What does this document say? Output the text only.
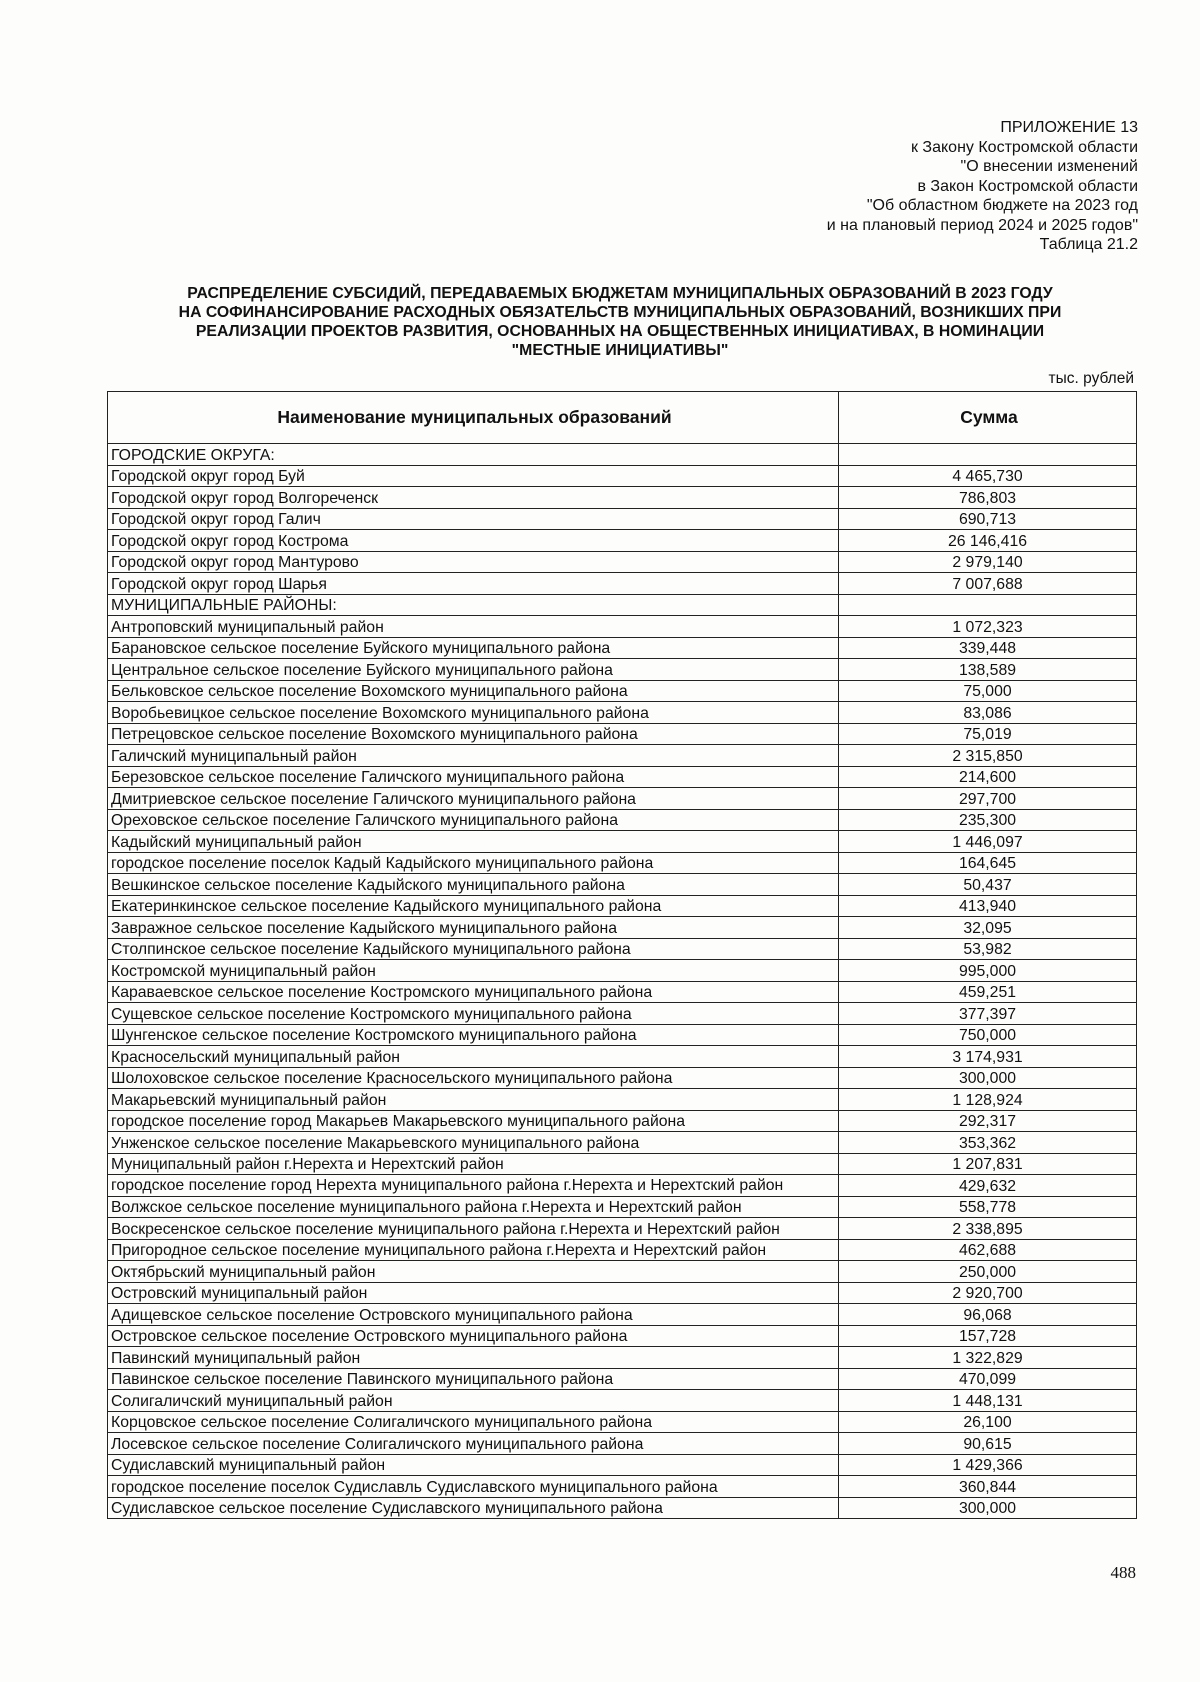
ПРИЛОЖЕНИЕ 13
к Закону Костромской области
"О внесении изменений
в Закон Костромской области
"Об областном бюджете на 2023 год
и на плановый период 2024 и 2025 годов"
Таблица 21.2
РАСПРЕДЕЛЕНИЕ СУБСИДИЙ, ПЕРЕДАВАЕМЫХ БЮДЖЕТАМ МУНИЦИПАЛЬНЫХ ОБРАЗОВАНИЙ В 2023 ГОДУ
НА СОФИНАНСИРОВАНИЕ РАСХОДНЫХ ОБЯЗАТЕЛЬСТВ МУНИЦИПАЛЬНЫХ ОБРАЗОВАНИЙ, ВОЗНИКШИХ ПРИ
РЕАЛИЗАЦИИ ПРОЕКТОВ РАЗВИТИЯ, ОСНОВАННЫХ НА ОБЩЕСТВЕННЫХ ИНИЦИАТИВАХ, В НОМИНАЦИИ
"МЕСТНЫЕ ИНИЦИАТИВЫ"
тыс. рублей
Наименование муниципальных образований	Сумма
ГОРОДСКИЕ ОКРУГА:	
Городской округ город Буй	4 465,730
Городской округ город Волгореченск	786,803
Городской округ город Галич	690,713
Городской округ город Кострома	26 146,416
Городской округ город Мантурово	2 979,140
Городской округ город Шарья	7 007,688
МУНИЦИПАЛЬНЫЕ РАЙОНЫ:	
Антроповский муниципальный район	1 072,323
Барановское сельское поселение Буйского муниципального района	339,448
Центральное сельское поселение Буйского муниципального района	138,589
Бельковское сельское поселение Вохомского муниципального района	75,000
Воробьевицкое сельское поселение Вохомского муниципального района	83,086
Петрецовское сельское поселение Вохомского муниципального района	75,019
Галичский муниципальный район	2 315,850
Березовское сельское поселение Галичского муниципального района	214,600
Дмитриевское сельское поселение Галичского муниципального района	297,700
Ореховское сельское поселение Галичского муниципального района	235,300
Кадыйский муниципальный район	1 446,097
городское поселение поселок Кадый Кадыйского муниципального района	164,645
Вешкинское сельское поселение Кадыйского муниципального района	50,437
Екатеринкинское сельское поселение Кадыйского муниципального района	413,940
Завражное сельское поселение Кадыйского муниципального района	32,095
Столпинское сельское поселение Кадыйского муниципального района	53,982
Костромской муниципальный район	995,000
Караваевское сельское поселение Костромского муниципального района	459,251
Сущевское сельское поселение Костромского муниципального района	377,397
Шунгенское сельское поселение Костромского муниципального района	750,000
Красносельский муниципальный район	3 174,931
Шолоховское сельское поселение Красносельского муниципального района	300,000
Макарьевский муниципальный район	1 128,924
городское поселение город Макарьев Макарьевского муниципального района	292,317
Унженское сельское поселение Макарьевского муниципального района	353,362
Муниципальный район г.Нерехта и Нерехтский район	1 207,831
городское поселение город Нерехта муниципального района г.Нерехта и Нерехтский район	429,632
Волжское сельское поселение муниципального района г.Нерехта и Нерехтский район	558,778
Воскресенское сельское поселение муниципального района г.Нерехта и Нерехтский район	2 338,895
Пригородное сельское поселение муниципального района г.Нерехта и Нерехтский район	462,688
Октябрьский муниципальный район	250,000
Островский муниципальный район	2 920,700
Адищевское сельское поселение Островского муниципального района	96,068
Островское сельское поселение Островского муниципального района	157,728
Павинский муниципальный район	1 322,829
Павинское сельское поселение Павинского муниципального района	470,099
Солигаличский муниципальный район	1 448,131
Корцовское сельское поселение Солигаличского муниципального района	26,100
Лосевское сельское поселение Солигаличского муниципального района	90,615
Судиславский муниципальный район	1 429,366
городское поселение поселок Судиславль Судиславского муниципального района	360,844
Судиславское сельское поселение Судиславского муниципального района	300,000
488
